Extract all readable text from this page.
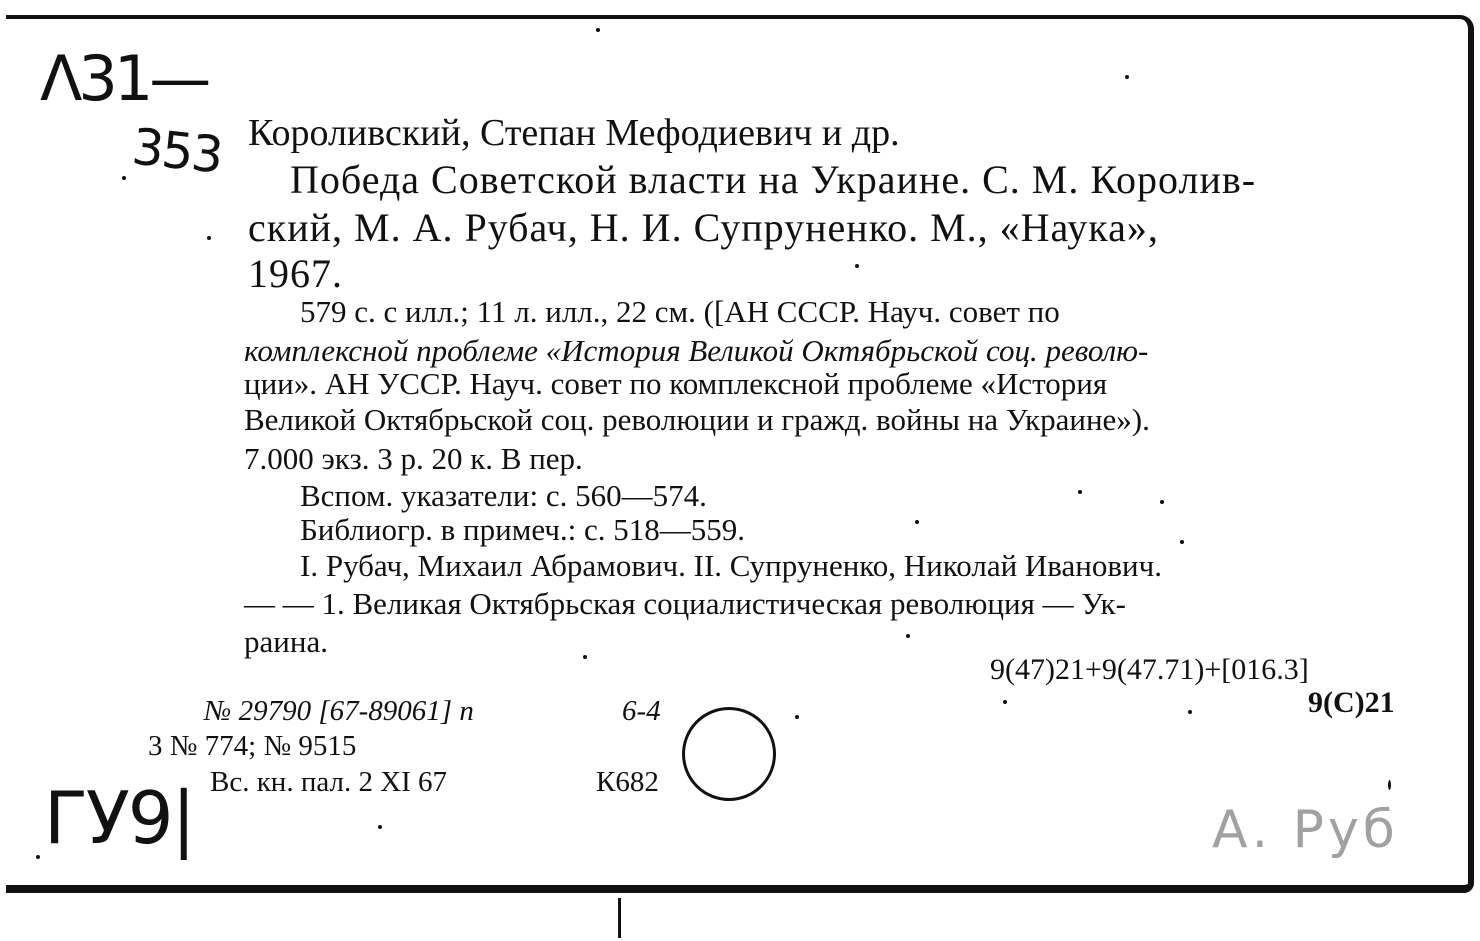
Λ31—
353
ГУ9|

Короливский, Степан Мефодиевич и др.

Победа Советской власти на Украине. С. М. Королив-

ский, М. А. Рубач, Н. И. Супруненко. М., «Наука»,

1967.

579 с. с илл.; 11 л. илл., 22 см. ([АН СССР. Науч. совет по

комплексной проблеме «История Великой Октябрьской соц. револю-

ции». АН УССР. Науч. совет по комплексной проблеме «История

Великой Октябрьской соц. революции и гражд. войны на Украине»).

7.000 экз. 3 р. 20 к. В пер.

Вспом. указатели: с. 560—574.

Библиогр. в примеч.: с. 518—559.

I. Рубач, Михаил Абрамович. II. Супруненко, Николай Иванович.

— — 1. Великая Октябрьская социалистическая революция — Ук-

раина.

9(47)21+9(47.71)+[016.3]

9(C)21

№ 29790 [67-89061] п	6-4

3 № 774; № 9515

Вс. кн. пал. 2 XI 67	К682

А. Руб
